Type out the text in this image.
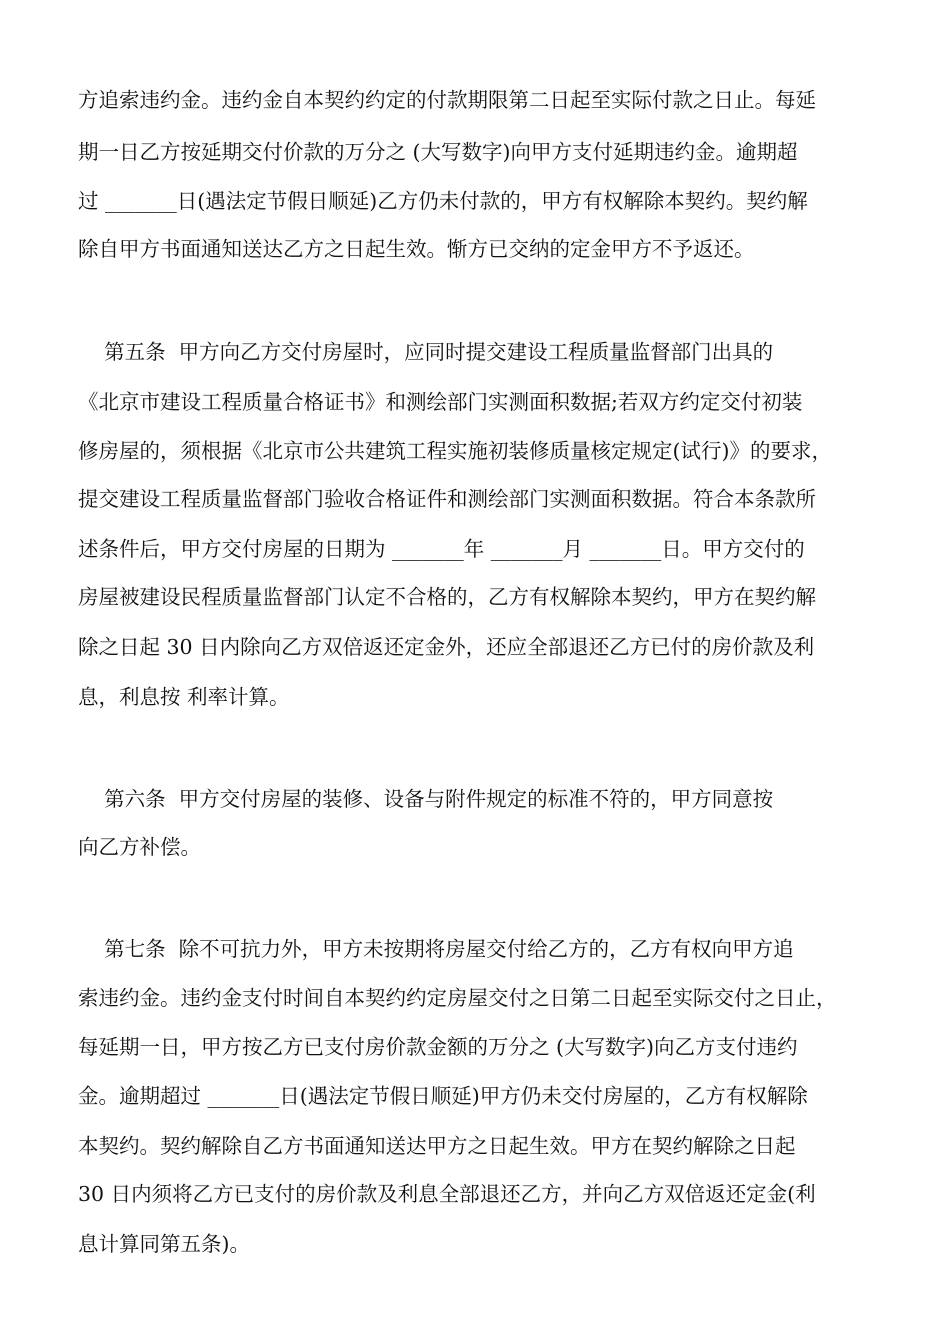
方追索违约金。违约金自本契约约定的付款期限第二日起至实际付款之日止。每延
期一日乙方按延期交付价款的万分之 (大写数字)向甲方支付延期违约金。逾期超
过 _______日(遇法定节假日顺延)乙方仍未付款的，甲方有权解除本契约。契约解
除自甲方书面通知送达乙方之日起生效。惭方已交纳的定金甲方不予返还。
第五条  甲方向乙方交付房屋时，应同时提交建设工程质量监督部门出具的
《北京市建设工程质量合格证书》和测绘部门实测面积数据;若双方约定交付初装
修房屋的，须根据《北京市公共建筑工程实施初装修质量核定规定(试行)》的要求，
提交建设工程质量监督部门验收合格证件和测绘部门实测面积数据。符合本条款所
述条件后，甲方交付房屋的日期为 _______年 _______月 _______日。甲方交付的
房屋被建设民程质量监督部门认定不合格的，乙方有权解除本契约，甲方在契约解
除之日起 30 日内除向乙方双倍返还定金外，还应全部退还乙方已付的房价款及利
息，利息按 利率计算。
第六条  甲方交付房屋的装修、设备与附件规定的标准不符的，甲方同意按
向乙方补偿。
第七条  除不可抗力外，甲方未按期将房屋交付给乙方的，乙方有权向甲方追
索违约金。违约金支付时间自本契约约定房屋交付之日第二日起至实际交付之日止，
每延期一日，甲方按乙方已支付房价款金额的万分之 (大写数字)向乙方支付违约
金。逾期超过 _______日(遇法定节假日顺延)甲方仍未交付房屋的，乙方有权解除
本契约。契约解除自乙方书面通知送达甲方之日起生效。甲方在契约解除之日起
30 日内须将乙方已支付的房价款及利息全部退还乙方，并向乙方双倍返还定金(利
息计算同第五条)。
